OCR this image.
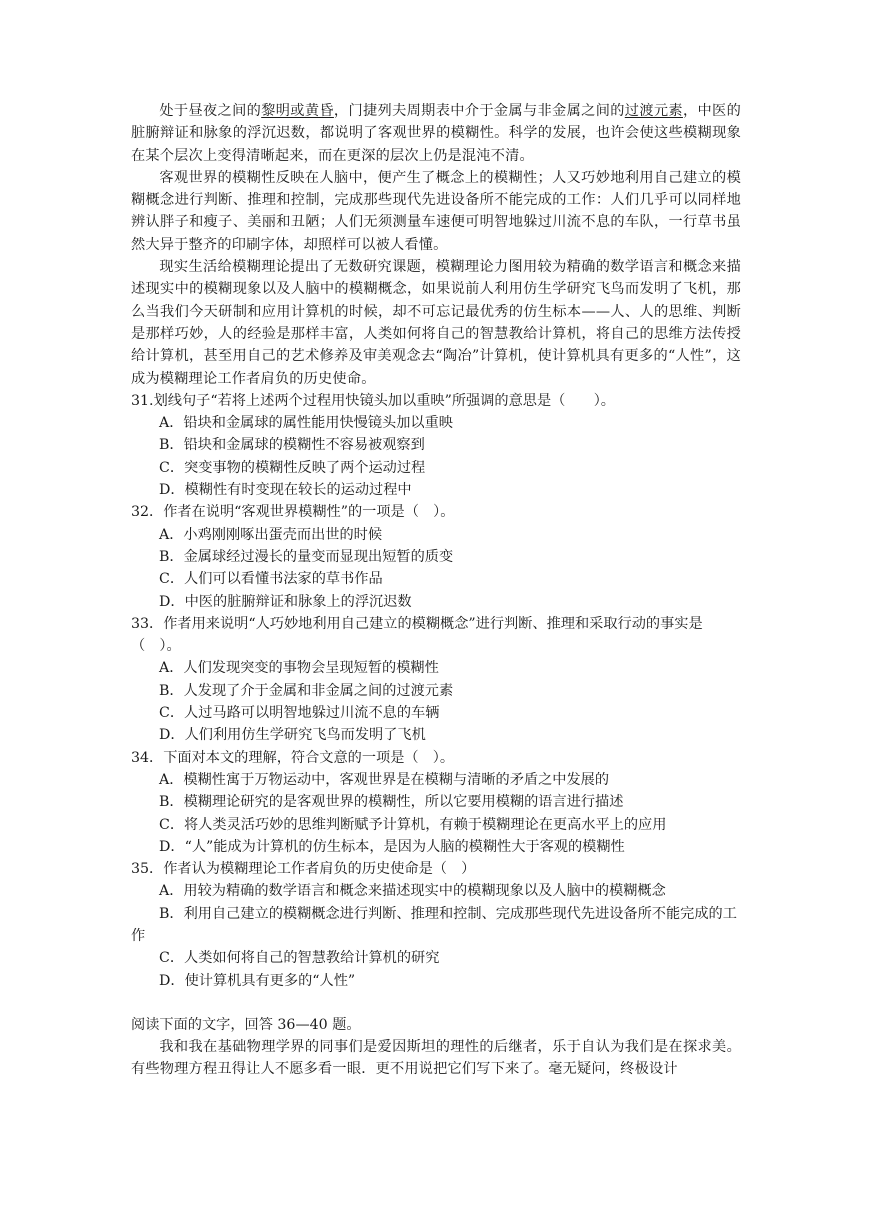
处于昼夜之间的黎明或黄昏，门捷列夫周期表中介于金属与非金属之间的过渡元素，中医的脏腑辩证和脉象的浮沉迟数，都说明了客观世界的模糊性。科学的发展，也许会使这些模糊现象在某个层次上变得清晰起来，而在更深的层次上仍是混沌不清。

客观世界的模糊性反映在人脑中，便产生了概念上的模糊性；人又巧妙地利用自己建立的模糊概念进行判断、推理和控制，完成那些现代先进设备所不能完成的工作：人们几乎可以同样地辨认胖子和瘦子、美丽和丑陋；人们无须测量车速便可明智地躲过川流不息的车队，一行草书虽然大异于整齐的印刷字体，却照样可以被人看懂。

现实生活给模糊理论提出了无数研究课题，模糊理论力图用较为精确的数学语言和概念来描述现实中的模糊现象以及人脑中的模糊概念，如果说前人利用仿生学研究飞鸟而发明了飞机，那么当我们今天研制和应用计算机的时候，却不可忘记最优秀的仿生标本——人、人的思维、判断是那样巧妙，人的经验是那样丰富，人类如何将自己的智慧教给计算机，将自己的思维方法传授给计算机，甚至用自己的艺术修养及审美观念去“陶冶”计算机，使计算机具有更多的“人性”，这成为模糊理论工作者肩负的历史使命。

31.划线句子“若将上述两个过程用快镜头加以重映”所强调的意思是（　　）。

A．铅块和金属球的属性能用快慢镜头加以重映

B．铅块和金属球的模糊性不容易被观察到

C．突变事物的模糊性反映了两个运动过程

D．模糊性有时变现在较长的运动过程中

32．作者在说明“客观世界模糊性”的一项是（　）。

A．小鸡刚刚啄出蛋壳而出世的时候

B．金属球经过漫长的量变而显现出短暂的质变

C．人们可以看懂书法家的草书作品

D．中医的脏腑辩证和脉象上的浮沉迟数

33．作者用来说明“人巧妙地利用自己建立的模糊概念”进行判断、推理和采取行动的事实是（　）。

A．人们发现突变的事物会呈现短暂的模糊性

B．人发现了介于金属和非金属之间的过渡元素

C．人过马路可以明智地躲过川流不息的车辆

D．人们利用仿生学研究飞鸟而发明了飞机

34．下面对本文的理解，符合文意的一项是（　）。

A．模糊性寓于万物运动中，客观世界是在模糊与清晰的矛盾之中发展的

B．模糊理论研究的是客观世界的模糊性，所以它要用模糊的语言进行描述

C．将人类灵活巧妙的思维判断赋予计算机，有赖于模糊理论在更高水平上的应用

D．“人”能成为计算机的仿生标本，是因为人脑的模糊性大于客观的模糊性

35．作者认为模糊理论工作者肩负的历史使命是（　）

A．用较为精确的数学语言和概念来描述现实中的模糊现象以及人脑中的模糊概念

B．利用自己建立的模糊概念进行判断、推理和控制、完成那些现代先进设备所不能完成的工作

C．人类如何将自己的智慧教给计算机的研究

D．使计算机具有更多的“人性”

阅读下面的文字，回答 36—40 题。

我和我在基础物理学界的同事们是爱因斯坦的理性的后继者，乐于自认为我们是在探求美。有些物理方程丑得让人不愿多看一眼．更不用说把它们写下来了。毫无疑问，终极设计
